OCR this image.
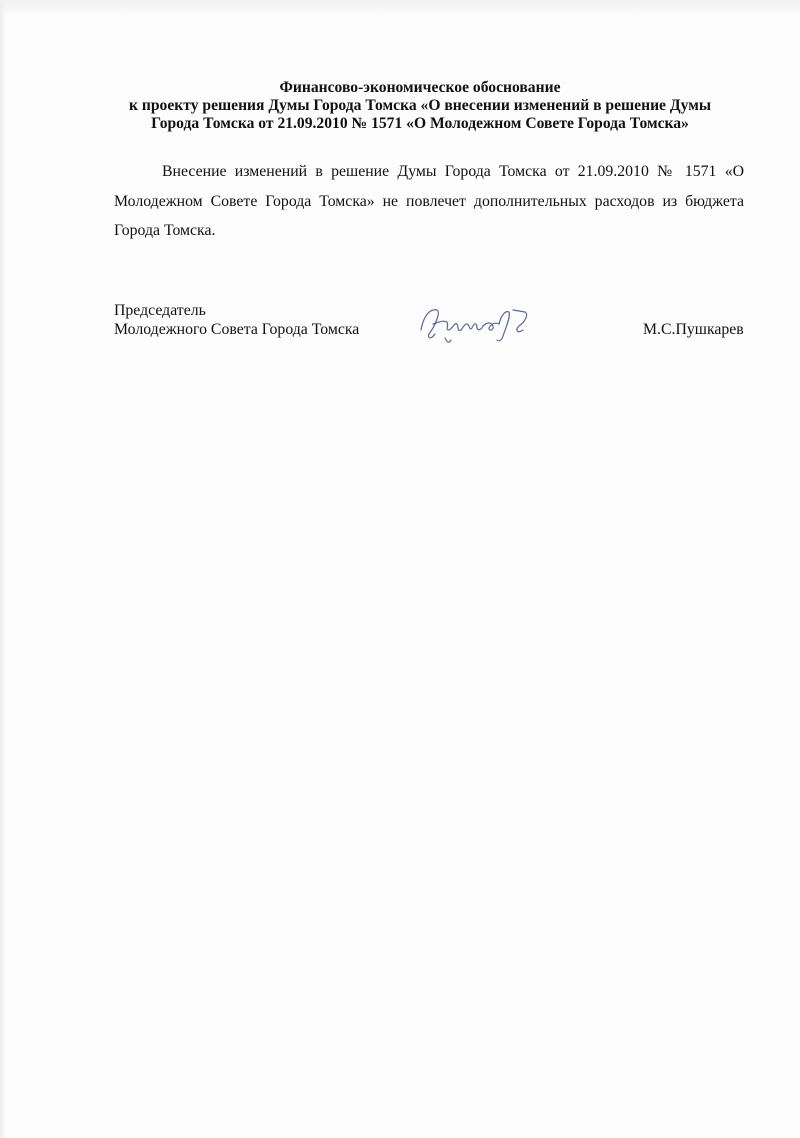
Финансово-экономическое обоснование
к проекту решения Думы Города Томска «О внесении изменений в решение Думы
Города Томска от 21.09.2010 № 1571 «О Молодежном Совете Города Томска»

Внесение изменений в решение Думы Города Томска от 21.09.2010 № 1571 «О Молодежном Совете Города Томска» не повлечет дополнительных расходов из бюджета Города Томска.

Председатель
Молодежного Совета Города Томска	М.С.Пушкарев
